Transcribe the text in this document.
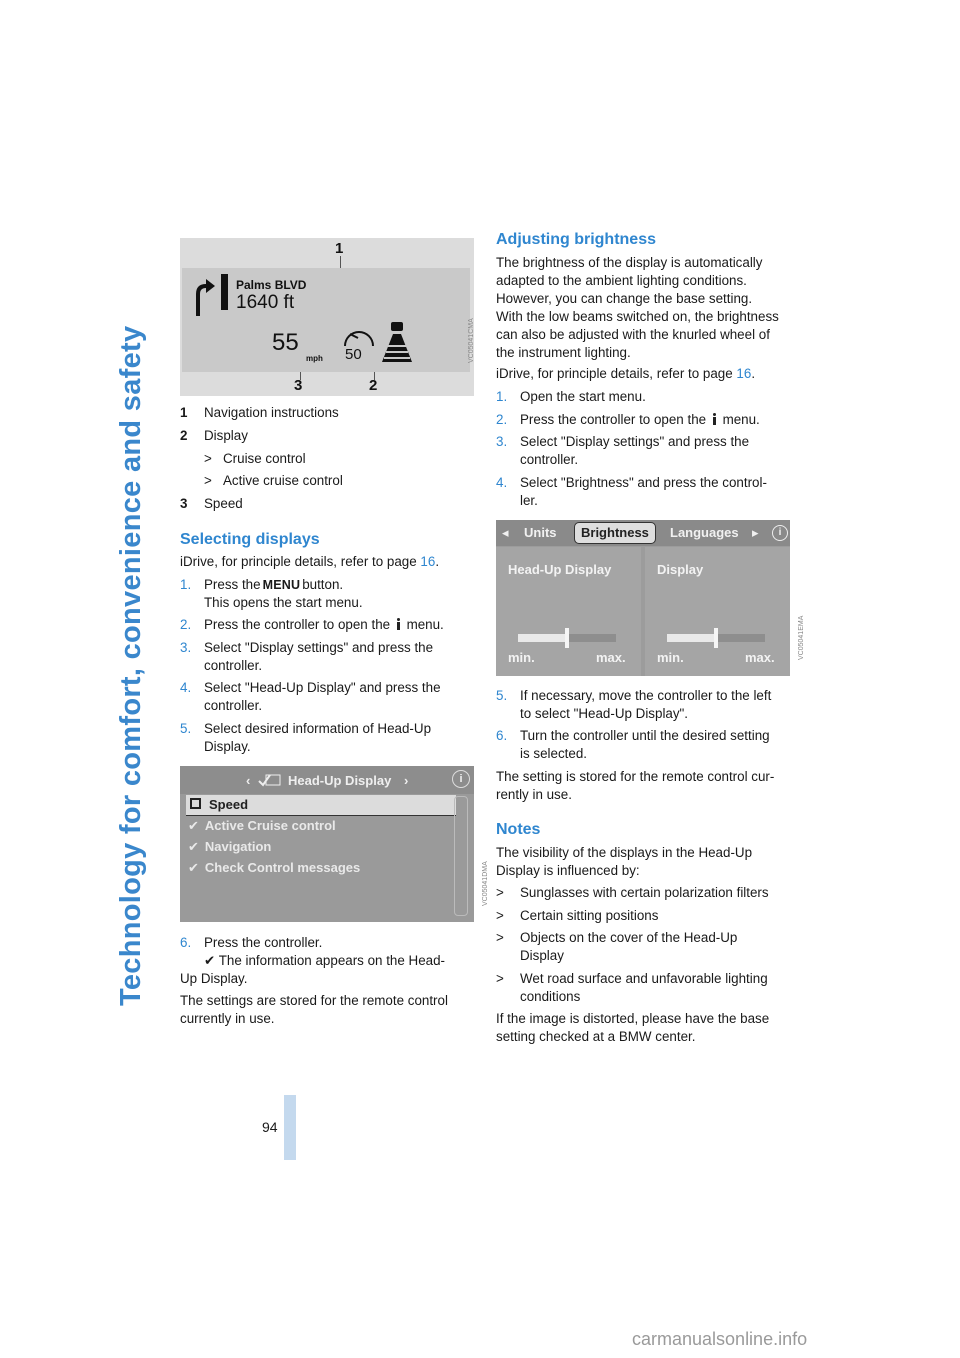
Technology for comfort, convenience and safety
94
1
Palms BLVD
1640 ft
55
mph 50
2
3
VC05041CMA
1 Navigation instructions
2 Display
> Cruise control
> Active cruise control
3 Speed
Selecting displays
iDrive, for principle details, refer to page 16.
1. Press the MENU button.
This opens the start menu.
2. Press the controller to open the menu.
3. Select "Display settings" and press the
controller.
4. Select "Head-Up Display" and press the
controller.
5. Select desired information of Head-Up
Display.
‹	Head-Up Display ›	i
Speed
✔ Active Cruise control
✔ Navigation
✔ Check Control messages	VC05041DMA
6. Press the controller.
✔ The information appears on the Head-
Up Display.
The settings are stored for the remote control
currently in use.
Adjusting brightness
The brightness of the display is automatically
adapted to the ambient lighting conditions.
However, you can change the base setting.
With the low beams switched on, the brightness
can also be adjusted with the knurled wheel of
the instrument lighting.
iDrive, for principle details, refer to page 16.
1. Open the start menu.
2. Press the controller to open the menu.
3. Select "Display settings" and press the
controller.
4. Select "Brightness" and press the control-
ler.
◂ Units	Brightness	Languages ▸	i
Head-Up Display
min.	max.
Display
min.	max.	VC05041EMA
5. If necessary, move the controller to the left
to select "Head-Up Display".
6. Turn the controller until the desired setting
is selected.
The setting is stored for the remote control cur-
rently in use.
Notes
The visibility of the displays in the Head-Up
Display is influenced by:
> Sunglasses with certain polarization filters
> Certain sitting positions
> Objects on the cover of the Head-Up
Display
> Wet road surface and unfavorable lighting
conditions
If the image is distorted, please have the base
setting checked at a BMW center.
carmanualsonline.info
